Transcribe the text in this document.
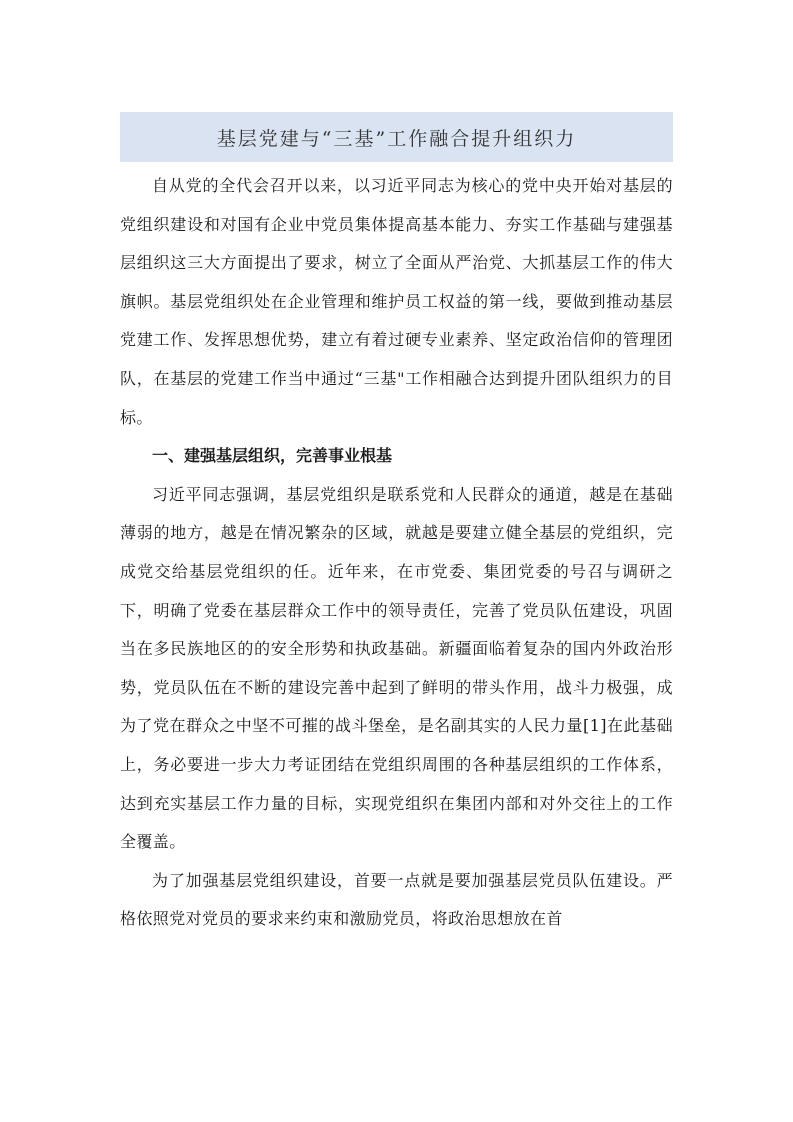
基层党建与“三基”工作融合提升组织力

自从党的全代会召开以来，以习近平同志为核心的党中央开始对基层的党组织建设和对国有企业中党员集体提高基本能力、夯实工作基础与建强基层组织这三大方面提出了要求，树立了全面从严治党、大抓基层工作的伟大旗帜。基层党组织处在企业管理和维护员工权益的第一线，要做到推动基层党建工作、发挥思想优势，建立有着过硬专业素养、坚定政治信仰的管理团队，在基层的党建工作当中通过“三基"工作相融合达到提升团队组织力的目标。

一、建强基层组织，完善事业根基

习近平同志强调，基层党组织是联系党和人民群众的通道，越是在基础薄弱的地方，越是在情况繁杂的区域，就越是要建立健全基层的党组织，完成党交给基层党组织的任。近年来，在市党委、集团党委的号召与调研之下，明确了党委在基层群众工作中的领导责任，完善了党员队伍建设，巩固当在多民族地区的的安全形势和执政基础。新疆面临着复杂的国内外政治形势，党员队伍在不断的建设完善中起到了鲜明的带头作用，战斗力极强，成为了党在群众之中坚不可摧的战斗堡垒，是名副其实的人民力量[1]在此基础上，务必要进一步大力考证团结在党组织周围的各种基层组织的工作体系，达到充实基层工作力量的目标，实现党组织在集团内部和对外交往上的工作全覆盖。

为了加强基层党组织建设，首要一点就是要加强基层党员队伍建设。严格依照党对党员的要求来约束和激励党员，将政治思想放在首
